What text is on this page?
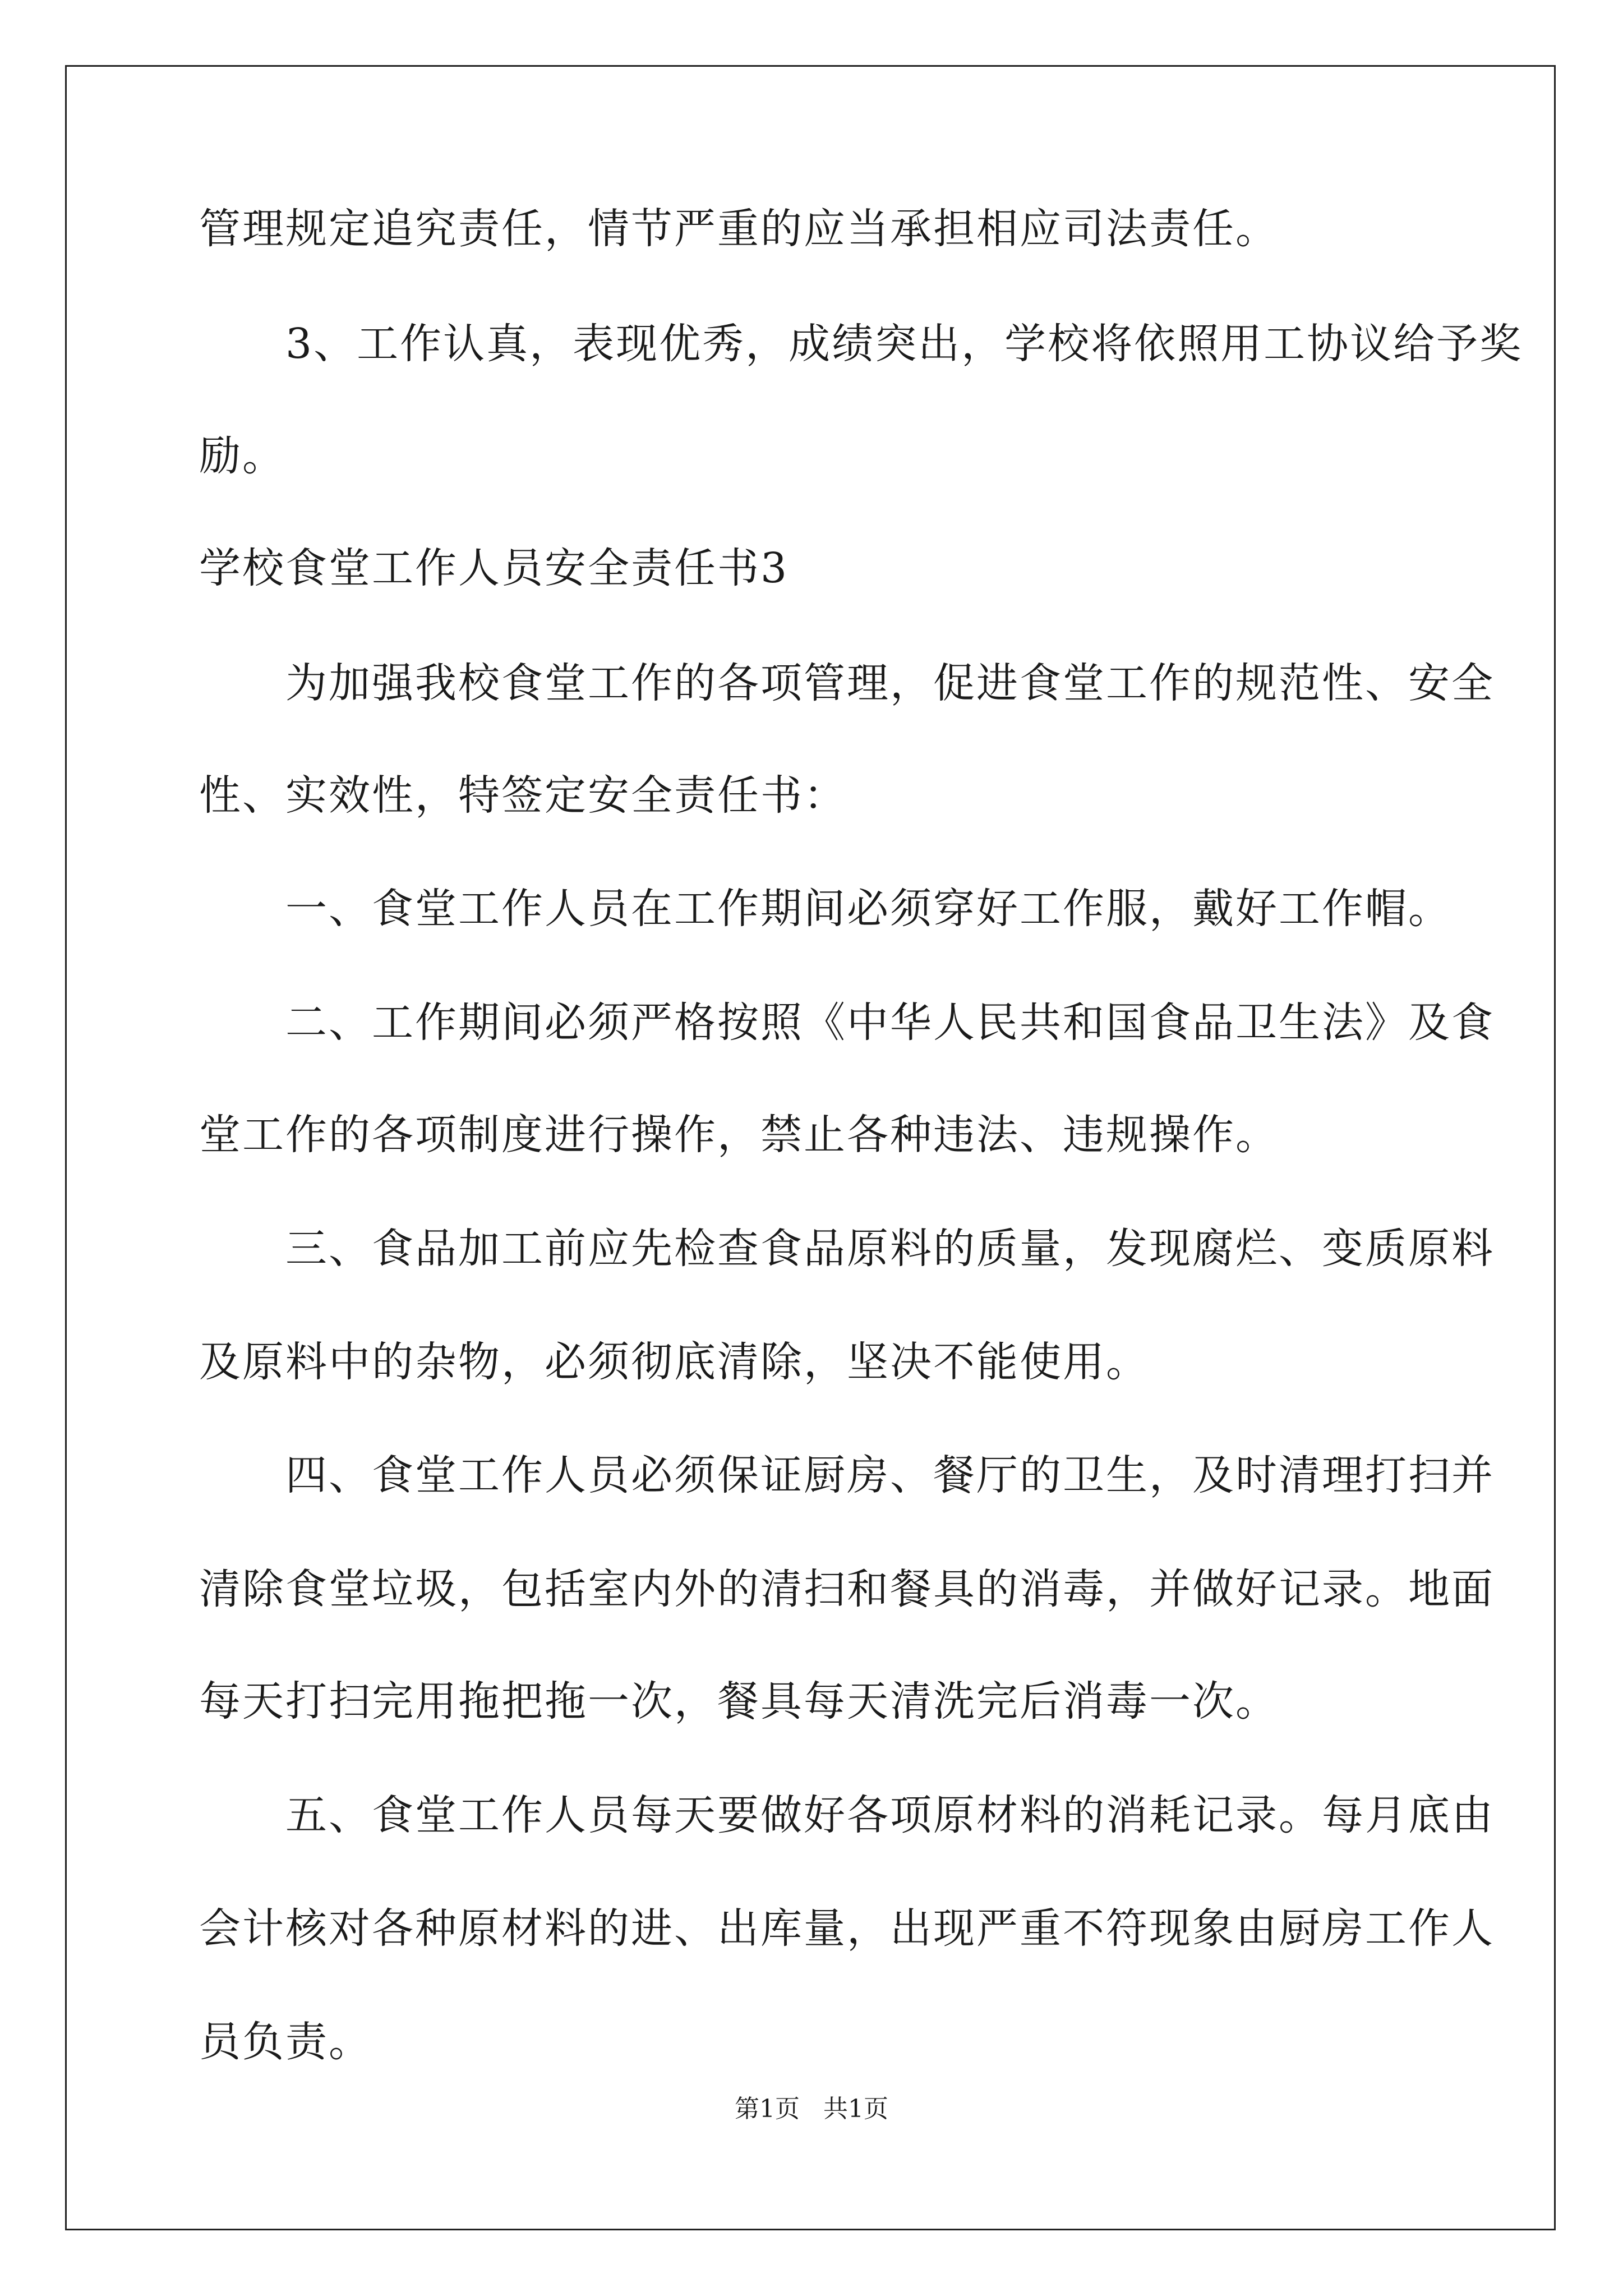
管理规定追究责任，情节严重的应当承担相应司法责任。
　　3、工作认真，表现优秀，成绩突出，学校将依照用工协议给予奖
励。
学校食堂工作人员安全责任书3
　　为加强我校食堂工作的各项管理，促进食堂工作的规范性、安全
性、实效性，特签定安全责任书：
　　一、食堂工作人员在工作期间必须穿好工作服，戴好工作帽。
　　二、工作期间必须严格按照《中华人民共和国食品卫生法》及食
堂工作的各项制度进行操作，禁止各种违法、违规操作。
　　三、食品加工前应先检查食品原料的质量，发现腐烂、变质原料
及原料中的杂物，必须彻底清除，坚决不能使用。
　　四、食堂工作人员必须保证厨房、餐厅的卫生，及时清理打扫并
清除食堂垃圾，包括室内外的清扫和餐具的消毒，并做好记录。地面
每天打扫完用拖把拖一次，餐具每天清洗完后消毒一次。
　　五、食堂工作人员每天要做好各项原材料的消耗记录。每月底由
会计核对各种原材料的进、出库量，出现严重不符现象由厨房工作人
员负责。
第1页   共1页
